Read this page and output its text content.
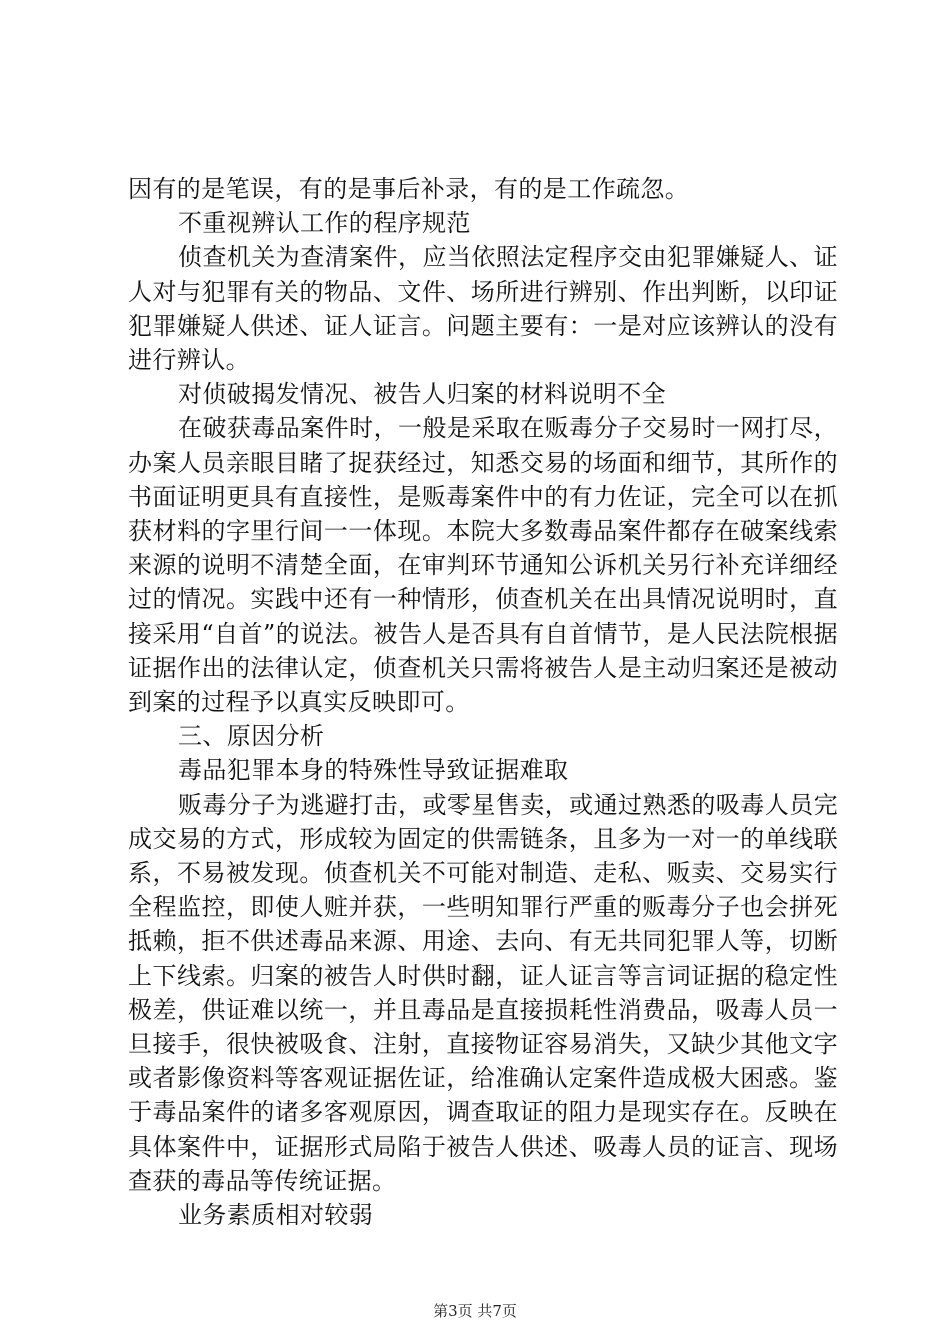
因有的是笔误，有的是事后补录，有的是工作疏忽。

不重视辨认工作的程序规范

侦查机关为查清案件，应当依照法定程序交由犯罪嫌疑人、证人对与犯罪有关的物品、文件、场所进行辨别、作出判断，以印证犯罪嫌疑人供述、证人证言。问题主要有：一是对应该辨认的没有进行辨认。

对侦破揭发情况、被告人归案的材料说明不全

在破获毒品案件时，一般是采取在贩毒分子交易时一网打尽，办案人员亲眼目睹了捉获经过，知悉交易的场面和细节，其所作的书面证明更具有直接性，是贩毒案件中的有力佐证，完全可以在抓获材料的字里行间一一体现。本院大多数毒品案件都存在破案线索来源的说明不清楚全面，在审判环节通知公诉机关另行补充详细经过的情况。实践中还有一种情形，侦查机关在出具情况说明时，直接采用“自首”的说法。被告人是否具有自首情节，是人民法院根据证据作出的法律认定，侦查机关只需将被告人是主动归案还是被动到案的过程予以真实反映即可。

三、原因分析

毒品犯罪本身的特殊性导致证据难取

贩毒分子为逃避打击，或零星售卖，或通过熟悉的吸毒人员完成交易的方式，形成较为固定的供需链条，且多为一对一的单线联系，不易被发现。侦查机关不可能对制造、走私、贩卖、交易实行全程监控，即使人赃并获，一些明知罪行严重的贩毒分子也会拼死抵赖，拒不供述毒品来源、用途、去向、有无共同犯罪人等，切断上下线索。归案的被告人时供时翻，证人证言等言词证据的稳定性极差，供证难以统一，并且毒品是直接损耗性消费品，吸毒人员一旦接手，很快被吸食、注射，直接物证容易消失，又缺少其他文字或者影像资料等客观证据佐证，给准确认定案件造成极大困惑。鉴于毒品案件的诸多客观原因，调查取证的阻力是现实存在。反映在具体案件中，证据形式局陷于被告人供述、吸毒人员的证言、现场查获的毒品等传统证据。

业务素质相对较弱

第3页 共7页
